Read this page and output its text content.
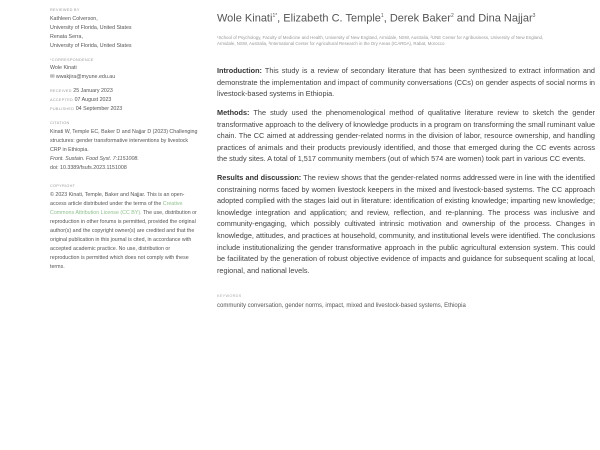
REVIEWED BY
Kathleen Colverson,
University of Florida, United States
Renata Serra,
University of Florida, United States
*CORRESPONDENCE
Wole Kinati
✉ wwakjira@myune.edu.au
RECEIVED 25 January 2023
ACCEPTED 07 August 2023
PUBLISHED 04 September 2023
CITATION
Kinati W, Temple EC, Baker D and Najjar D (2023) Challenging structures: gender transformative interventions by livestock CRP in Ethiopia.
Front. Sustain. Food Syst. 7:1151008.
doi: 10.3389/fsufs.2023.1151008
COPYRIGHT
© 2023 Kinati, Temple, Baker and Najjar. This is an open-access article distributed under the terms of the Creative Commons Attribution License (CC BY). The use, distribution or reproduction in other forums is permitted, provided the original author(s) and the copyright owner(s) are credited and that the original publication in this journal is cited, in accordance with accepted academic practice. No use, distribution or reproduction is permitted which does not comply with these terms.
Wole Kinati$^{1*}$, Elizabeth C. Temple$^1$, Derek Baker$^2$ and Dina Najjar$^3$
¹School of Psychology, Faculty of Medicine and Health, University of New England, Armidale, NSW, Australia, ²UNE Center for Agribusiness, University of New England, Armidale, NSW, Australia, ³International Center for Agricultural Research in the Dry Areas (ICARDA), Rabat, Morocco

Introduction: This study is a review of secondary literature that has been synthesized to extract information and demonstrate the implementation and impact of community conversations (CCs) on gender aspects of social norms in livestock-based systems in Ethiopia.

Methods: The study used the phenomenological method of qualitative literature review to sketch the gender transformative approach to the delivery of knowledge products in a program on transforming the small ruminant value chain. The CC aimed at addressing gender-related norms in the division of labor, resource ownership, and handling practices of animals and their products previously identified, and those that emerged during the CC events across the study sites. A total of 1,517 community members (out of which 574 are women) took part in various CC events.

Results and discussion: The review shows that the gender-related norms addressed were in line with the identified constraining norms faced by women livestock keepers in the mixed and livestock-based systems. The CC approach adopted complied with the stages laid out in literature: identification of existing knowledge; imparting new knowledge; knowledge integration and application; and review, reflection, and re-planning. The process was inclusive and community-engaging, which possibly cultivated intrinsic motivation and ownership of the process. Changes in knowledge, attitudes, and practices at household, community, and institutional levels were identified. The conclusions include institutionalizing the gender transformative approach in the public agricultural extension system. This could be facilitated by the generation of robust objective evidence of impacts and guidance for subsequent scaling at local, regional, and national levels.

KEYWORDS
community conversation, gender norms, impact, mixed and livestock-based systems, Ethiopia
